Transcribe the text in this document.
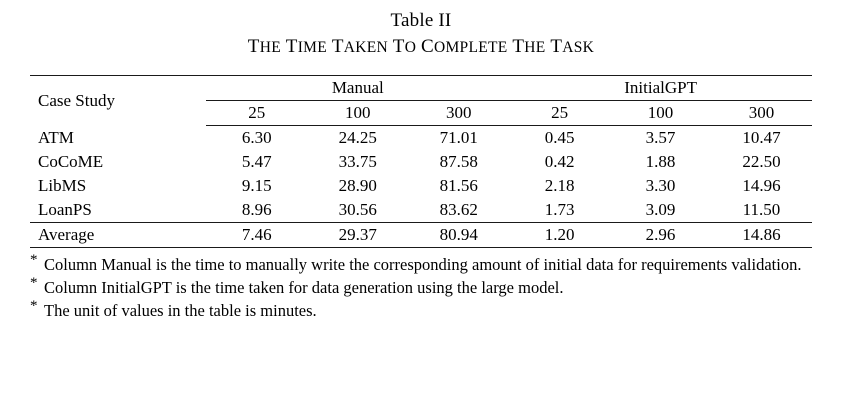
Table II
THE TIME TAKEN TO COMPLETE THE TASK
Case Study	Manual			InitialGPT		
	25	100	300	25	100	300
ATM	6.30	24.25	71.01	0.45	3.57	10.47
CoCoME	5.47	33.75	87.58	0.42	1.88	22.50
LibMS	9.15	28.90	81.56	2.18	3.30	14.96
LoanPS	8.96	30.56	83.62	1.73	3.09	11.50
Average	7.46	29.37	80.94	1.20	2.96	14.86
* Column Manual is the time to manually write the corresponding amount of initial data for requirements validation.
* Column InitialGPT is the time taken for data generation using the large model.
* The unit of values in the table is minutes.
